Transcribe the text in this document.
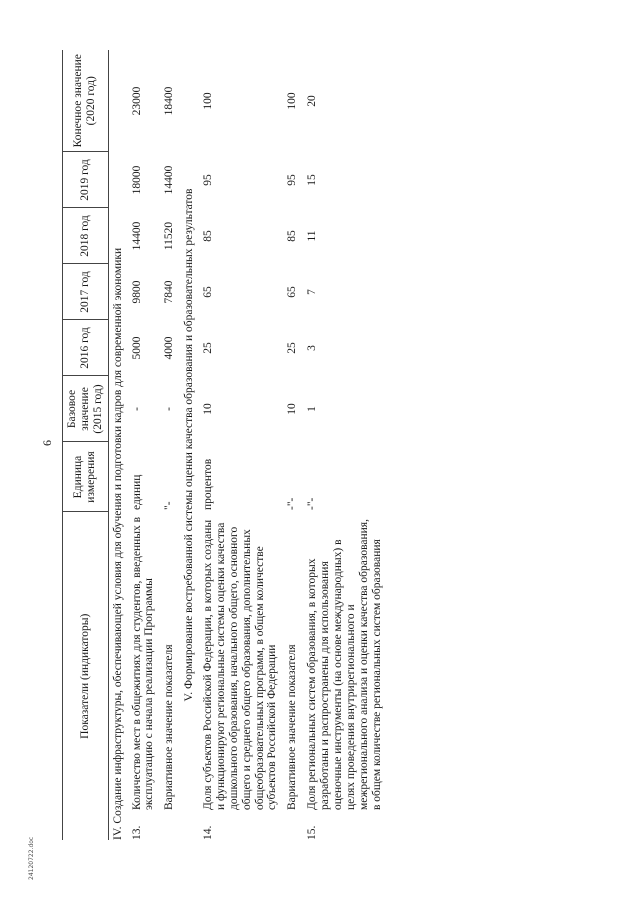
6
Показатели (индикаторы)		Единица измерения	Базовое значение (2015 год)	2016 год	2017 год	2018 год	2019 год	Конечное значение (2020 год)
IV. Создание инфраструктуры, обеспечивающей условия для обучения и подготовки кадров для современной экономики								
13.	Количество мест в общежитиях для студентов, введенных в эксплуатацию с начала реализации Программы	единиц	-	5000	9800	14400	18000	23000
	Вариативное значение показателя	"-	-	4000	7840	11520	14400	18400
V. Формирование востребованной системы оценки качества образования и образовательных результатов								
14.	Доля субъектов Российской Федерации, в которых созданы и функционируют региональные системы оценки качества дошкольного образования, начального общего, основного общего и среднего общего образования, дополнительных общеобразовательных программ, в общем количестве субъектов Российской Федерации	процентов	10	25	65	85	95	100
	Вариативное значение показателя	-"-	10	25	65	85	95	100
15.	Доля региональных систем образования, в которых разработаны и распространены для использования оценочные инструменты (на основе международных) в целях проведения внутрирегионального и межрегионального анализа и оценки качества образования, в общем количестве региональных систем образования	-"-	1	3	7	11	15	20
24120722.doc
